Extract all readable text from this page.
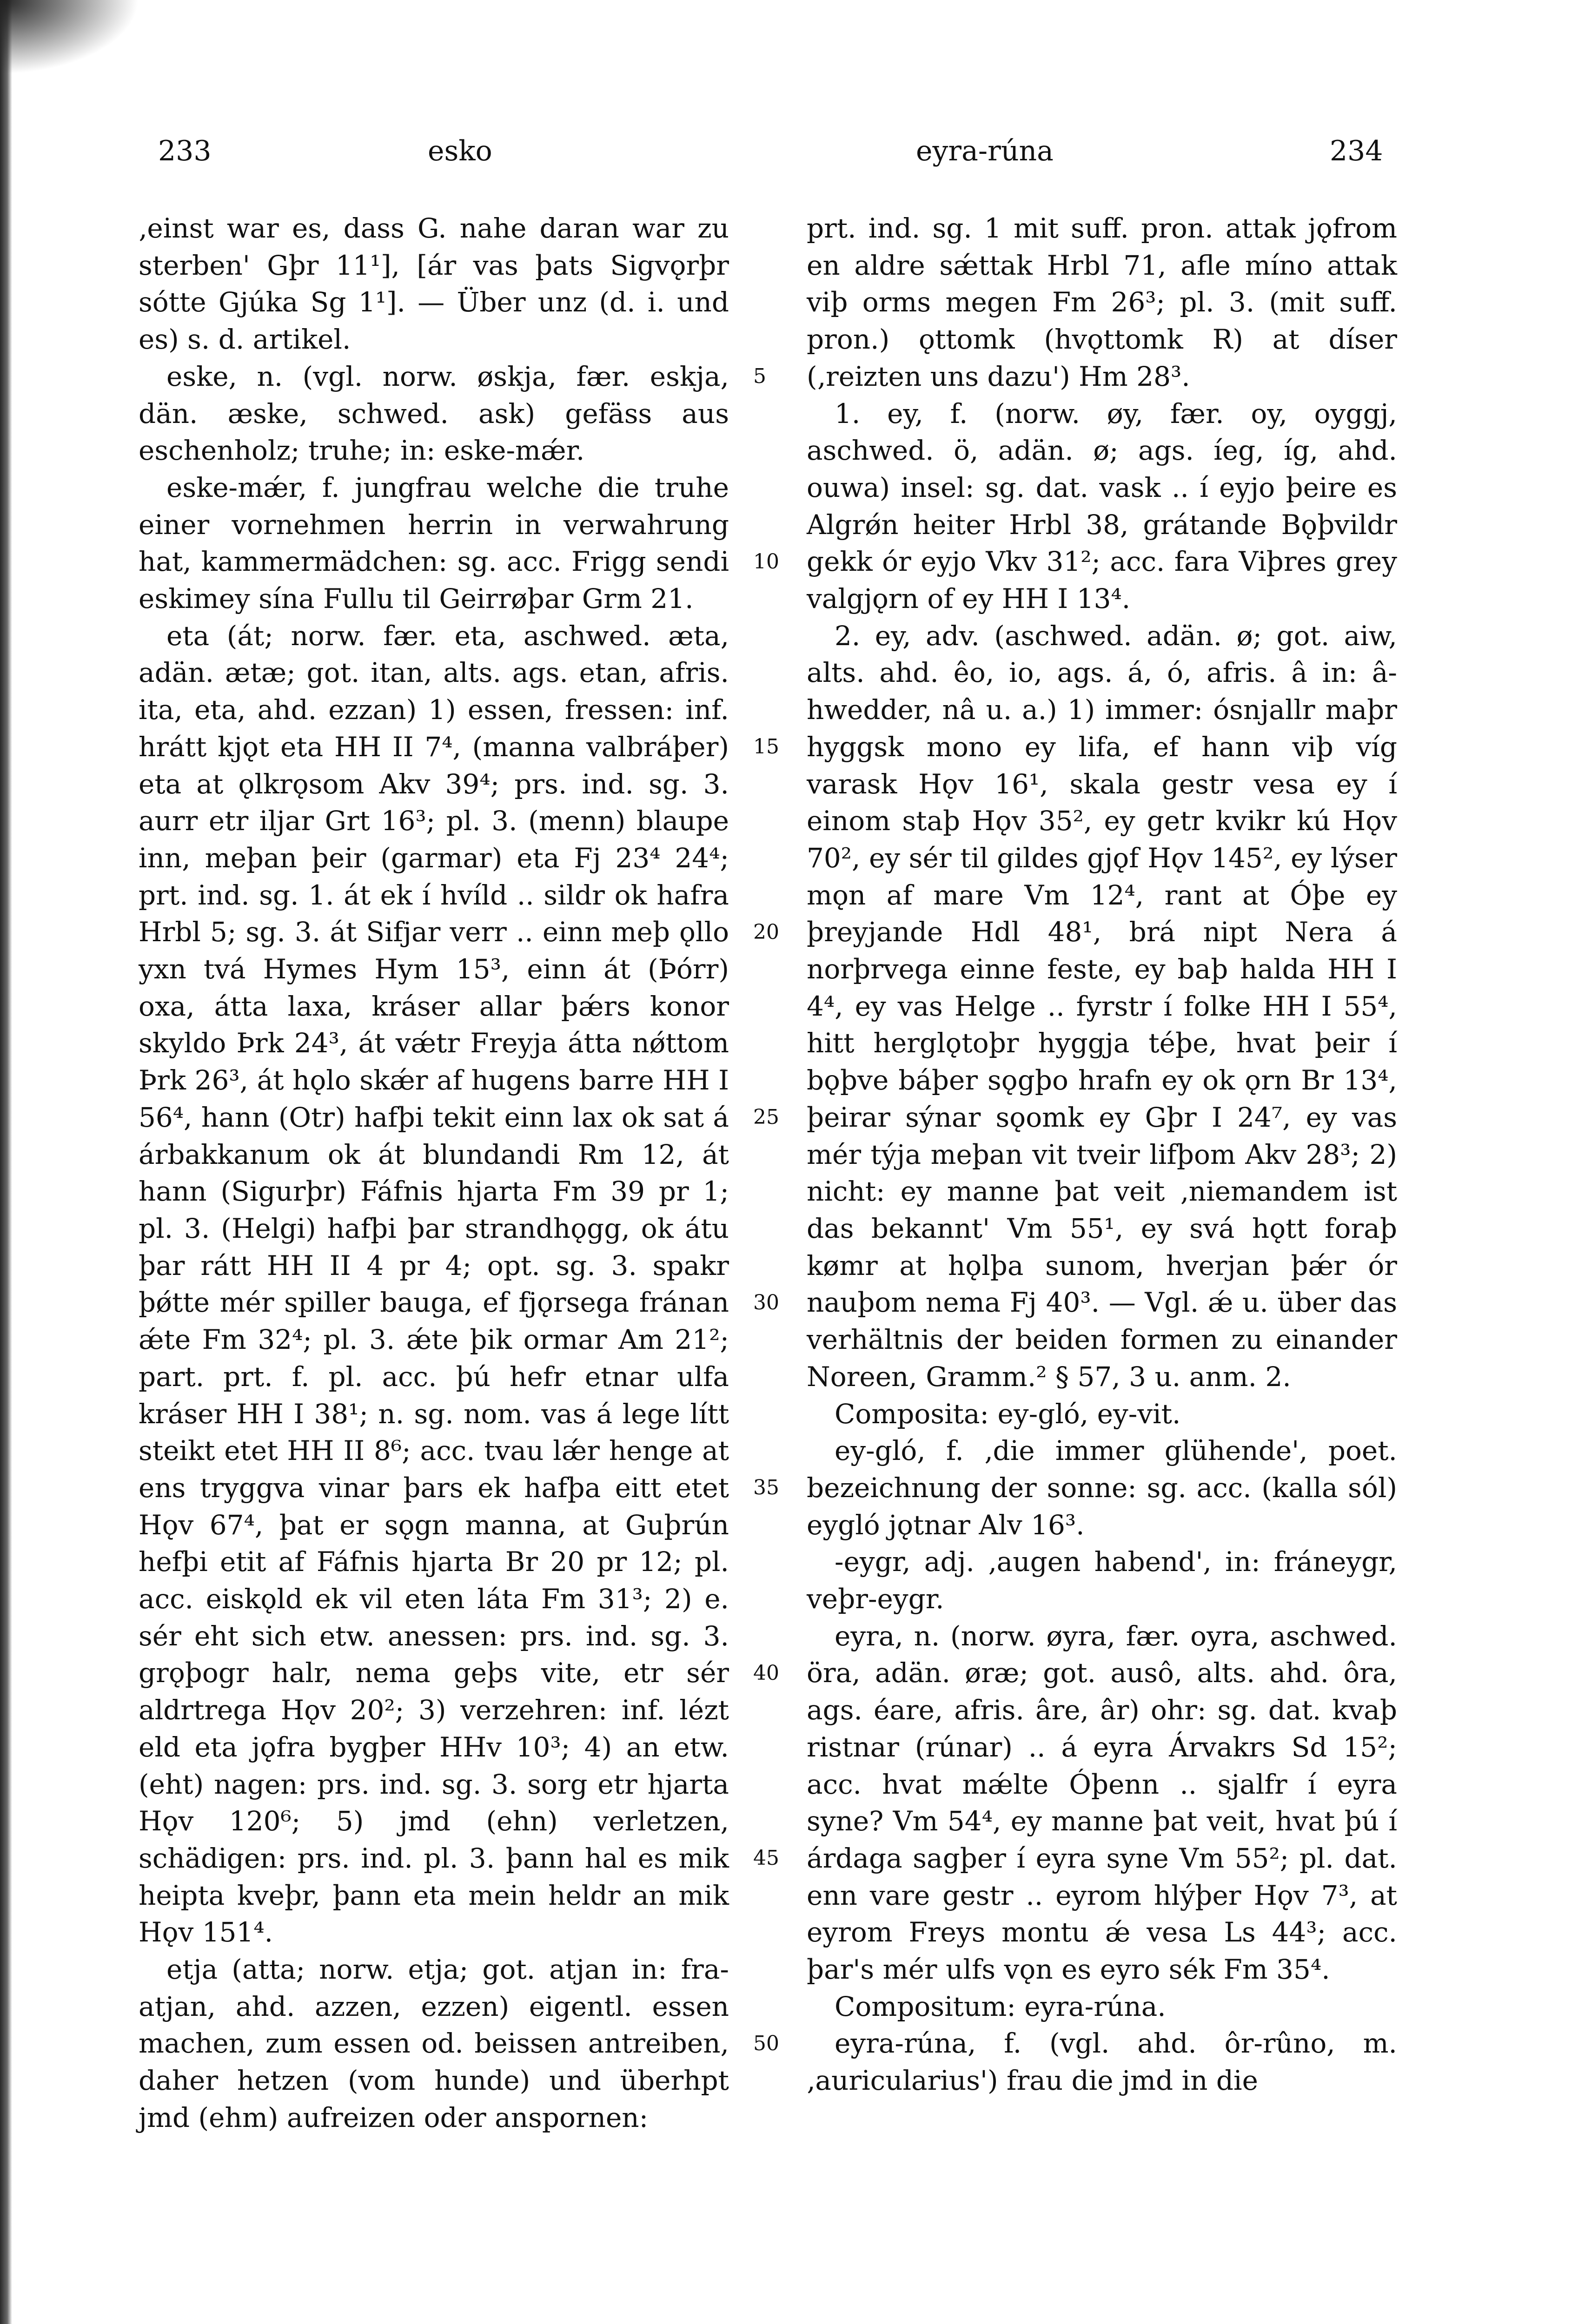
233	esko	eyra-rúna	234

‚einst war es, dass G. nahe daran war zu sterben' Gþr 11¹], [ár vas þats Sigvǫrþr sótte Gjúka Sg 1¹]. — Über unz (d. i. und es) s. d. artikel.

eske, n. (vgl. norw. øskja, fær. eskja, dän. æske, schwed. ask) gefäss aus eschenholz; truhe; in: eske-mǽr.

eske-mǽr, f. jungfrau welche die truhe einer vornehmen herrin in verwahrung hat, kammermädchen: sg. acc. Frigg sendi eskimey sína Fullu til Geirrøþar Grm 21.

eta (át; norw. fær. eta, aschwed. æta, adän. ætæ; got. itan, alts. ags. etan, afris. ita, eta, ahd. ezzan) 1) essen, fressen: inf. hrátt kjǫt eta HH II 7⁴, (manna valbráþer) eta at ǫlkrǫsom Akv 39⁴; prs. ind. sg. 3. aurr etr iljar Grt 16³; pl. 3. (menn) blaupe inn, meþan þeir (garmar) eta Fj 23⁴ 24⁴; prt. ind. sg. 1. át ek í hvíld .. sildr ok hafra Hrbl 5; sg. 3. át Sifjar verr .. einn meþ ǫllo yxn tvá Hymes Hym 15³, einn át (Þórr) oxa, átta laxa, kráser allar þǽrs konor skyldo Þrk 24³, át vǽtr Freyja átta nǿttom Þrk 26³, át hǫlo skǽr af hugens barre HH I 56⁴, hann (Otr) hafþi tekit einn lax ok sat á árbakkanum ok át blundandi Rm 12, át hann (Sigurþr) Fáfnis hjarta Fm 39 pr 1; pl. 3. (Helgi) hafþi þar strandhǫgg, ok átu þar rátt HH II 4 pr 4; opt. sg. 3. spakr þǿtte mér spiller bauga, ef fjǫrsega fránan ǽte Fm 32⁴; pl. 3. ǽte þik ormar Am 21²; part. prt. f. pl. acc. þú hefr etnar ulfa kráser HH I 38¹; n. sg. nom. vas á lege lítt steikt etet HH II 8⁶; acc. tvau lǽr henge at ens tryggva vinar þars ek hafþa eitt etet Hǫv 67⁴, þat er sǫgn manna, at Guþrún hefþi etit af Fáfnis hjarta Br 20 pr 12; pl. acc. eiskǫld ek vil eten láta Fm 31³; 2) e. sér eht sich etw. anessen: prs. ind. sg. 3. grǫþogr halr, nema geþs vite, etr sér aldrtrega Hǫv 20²; 3) verzehren: inf. lézt eld eta jǫfra bygþer HHv 10³; 4) an etw. (eht) nagen: prs. ind. sg. 3. sorg etr hjarta Hǫv 120⁶; 5) jmd (ehn) verletzen, schädigen: prs. ind. pl. 3. þann hal es mik heipta kveþr, þann eta mein heldr an mik Hǫv 151⁴.

etja (atta; norw. etja; got. atjan in: fra-atjan, ahd. azzen, ezzen) eigentl. essen machen, zum essen od. beissen antreiben, daher hetzen (vom hunde) und überhpt jmd (ehm) aufreizen oder anspornen:

5
10
15
20
25
30
35
40
45
50

prt. ind. sg. 1 mit suff. pron. attak jǫfrom en aldre sǽttak Hrbl 71, afle míno attak viþ orms megen Fm 26³; pl. 3. (mit suff. pron.) ǫttomk (hvǫttomk R) at díser (‚reizten uns dazu') Hm 28³.

1. ey, f. (norw. øy, fær. oy, oyggj, aschwed. ö, adän. ø; ags. íeg, íg, ahd. ouwa) insel: sg. dat. vask .. í eyjo þeire es Algrǿn heiter Hrbl 38, grátande Bǫþvildr gekk ór eyjo Vkv 31²; acc. fara Viþres grey valgjǫrn of ey HH I 13⁴.

2. ey, adv. (aschwed. adän. ø; got. aiw, alts. ahd. êo, io, ags. á, ó, afris. â in: â-hwedder, nâ u. a.) 1) immer: ósnjallr maþr hyggsk mono ey lifa, ef hann viþ víg varask Hǫv 16¹, skala gestr vesa ey í einom staþ Hǫv 35², ey getr kvikr kú Hǫv 70², ey sér til gildes gjǫf Hǫv 145², ey lýser mǫn af mare Vm 12⁴, rant at Óþe ey þreyjande Hdl 48¹, brá nipt Nera á norþrvega einne feste, ey baþ halda HH I 4⁴, ey vas Helge .. fyrstr í folke HH I 55⁴, hitt herglǫtoþr hyggja téþe, hvat þeir í bǫþve báþer sǫgþo hrafn ey ok ǫrn Br 13⁴, þeirar sýnar sǫomk ey Gþr I 24⁷, ey vas mér týja meþan vit tveir lifþom Akv 28³; 2) nicht: ey manne þat veit ‚niemandem ist das bekannt' Vm 55¹, ey svá hǫtt foraþ kømr at hǫlþa sunom, hverjan þǽr ór nauþom nema Fj 40³. — Vgl. ǽ u. über das verhältnis der beiden formen zu einander Noreen, Gramm.² § 57, 3 u. anm. 2.

Composita: ey-gló, ey-vit.

ey-gló, f. ‚die immer glühende', poet. bezeichnung der sonne: sg. acc. (kalla sól) eygló jǫtnar Alv 16³.

-eygr, adj. ‚augen habend', in: fráneygr, veþr-eygr.

eyra, n. (norw. øyra, fær. oyra, aschwed. öra, adän. øræ; got. ausô, alts. ahd. ôra, ags. éare, afris. âre, âr) ohr: sg. dat. kvaþ ristnar (rúnar) .. á eyra Árvakrs Sd 15²; acc. hvat mǽlte Óþenn .. sjalfr í eyra syne? Vm 54⁴, ey manne þat veit, hvat þú í árdaga sagþer í eyra syne Vm 55²; pl. dat. enn vare gestr .. eyrom hlýþer Hǫv 7³, at eyrom Freys montu ǽ vesa Ls 44³; acc. þar's mér ulfs vǫn es eyro sék Fm 35⁴.

Compositum: eyra-rúna.

eyra-rúna, f. (vgl. ahd. ôr-rûno, m. ‚auricularius') frau die jmd in die
